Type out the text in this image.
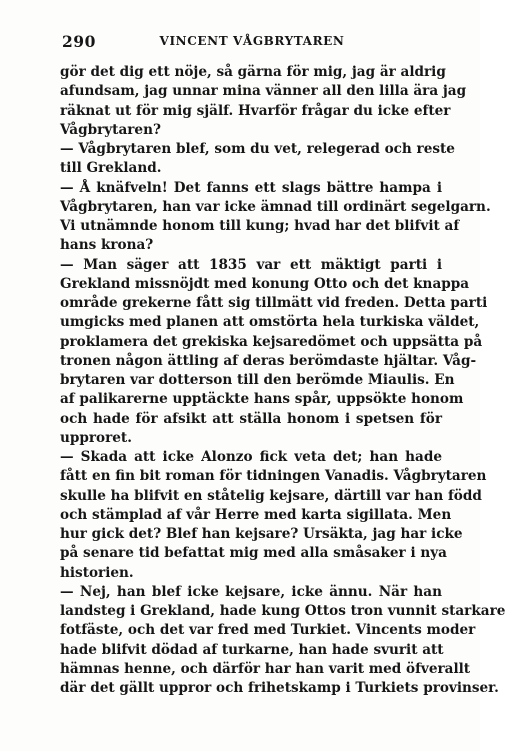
290	VINCENT VÅGBRYTAREN
gör det dig ett nöje, så gärna för mig, jag är aldrig
afundsam, jag unnar mina vänner all den lilla ära jag
räknat ut för mig själf. Hvarför frågar du icke efter
Vågbrytaren?
— Vågbrytaren blef, som du vet, relegerad och reste
till Grekland.
— Å knäfveln! Det fanns ett slags bättre hampa i
Vågbrytaren, han var icke ämnad till ordinärt segelgarn.
Vi utnämnde honom till kung; hvad har det blifvit af
hans krona?
— Man säger att 1835 var ett mäktigt parti i
Grekland missnöjdt med konung Otto och det knappa
område grekerne fått sig tillmätt vid freden. Detta parti
umgicks med planen att omstörta hela turkiska väldet,
proklamera det grekiska kejsaredömet och uppsätta på
tronen någon ättling af deras berömdaste hjältar. Våg-
brytaren var dotterson till den berömde Miaulis. En
af palikarerne upptäckte hans spår, uppsökte honom
och hade för afsikt att ställa honom i spetsen för
upproret.
— Skada att icke Alonzo fick veta det; han hade
fått en fin bit roman för tidningen Vanadis. Vågbrytaren
skulle ha blifvit en ståtelig kejsare, därtill var han född
och stämplad af vår Herre med karta sigillata. Men
hur gick det? Blef han kejsare? Ursäkta, jag har icke
på senare tid befattat mig med alla småsaker i nya
historien.
— Nej, han blef icke kejsare, icke ännu. När han
landsteg i Grekland, hade kung Ottos tron vunnit starkare
fotfäste, och det var fred med Turkiet. Vincents moder
hade blifvit dödad af turkarne, han hade svurit att
hämnas henne, och därför har han varit med öfverallt
där det gällt uppror och frihetskamp i Turkiets provinser.
